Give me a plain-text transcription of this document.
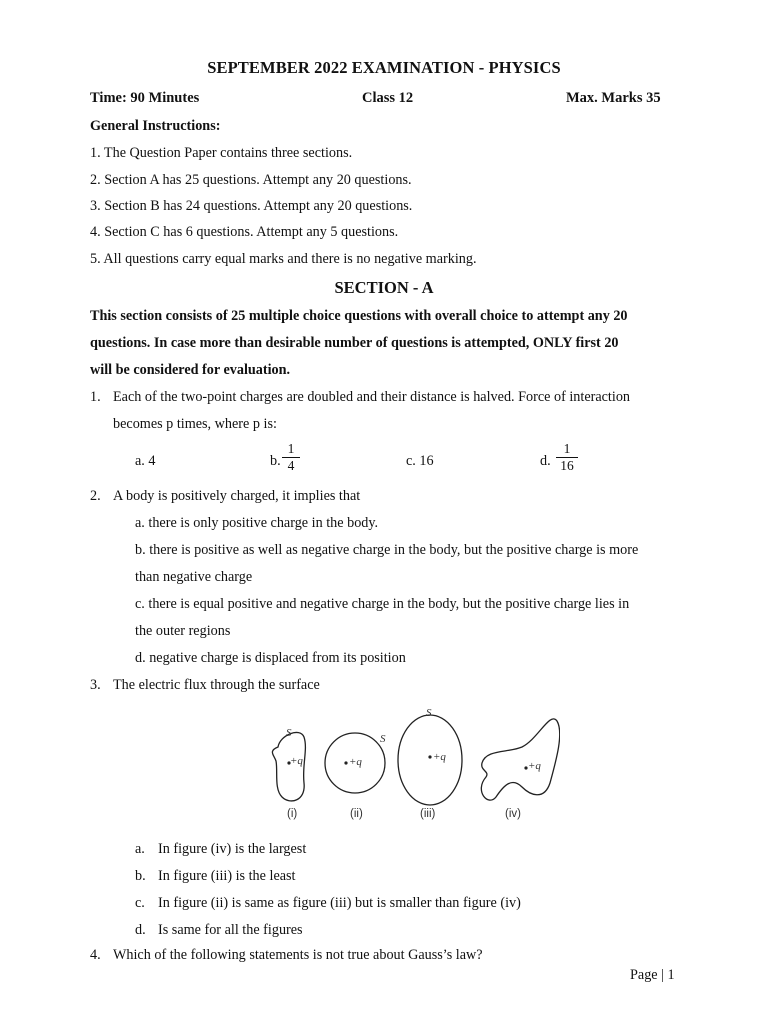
SEPTEMBER 2022 EXAMINATION - PHYSICS
Time: 90 Minutes	Class 12	Max. Marks 35
General Instructions:
1. The Question Paper contains three sections.
2. Section A has 25 questions. Attempt any 20 questions.
3. Section B has 24 questions. Attempt any 20 questions.
4. Section C has 6 questions. Attempt any 5 questions.
5. All questions carry equal marks and there is no negative marking.
SECTION - A
This section consists of 25 multiple choice questions with overall choice to attempt any 20
questions. In case more than desirable number of questions is attempted, ONLY first 20
will be considered for evaluation.
1. Each of the two-point charges are doubled and their distance is halved. Force of interaction
becomes p times, where p is:
a. 4	b.
1
4	c. 16	d.
1
16
2. A body is positively charged, it implies that
a. there is only positive charge in the body.
b. there is positive as well as negative charge in the body, but the positive charge is more
than negative charge
c. there is equal positive and negative charge in the body, but the positive charge lies in
the outer regions
d. negative charge is displaced from its position
3. The electric flux through the surface
S
+q
S
+q
S
+q
+q
(i)	(ii)	(iii)	(iv)
a. In figure (iv) is the largest
b. In figure (iii) is the least
c. In figure (ii) is same as figure (iii) but is smaller than figure (iv)
d. Is same for all the figures
4. Which of the following statements is not true about Gauss’s law?
Page | 1
